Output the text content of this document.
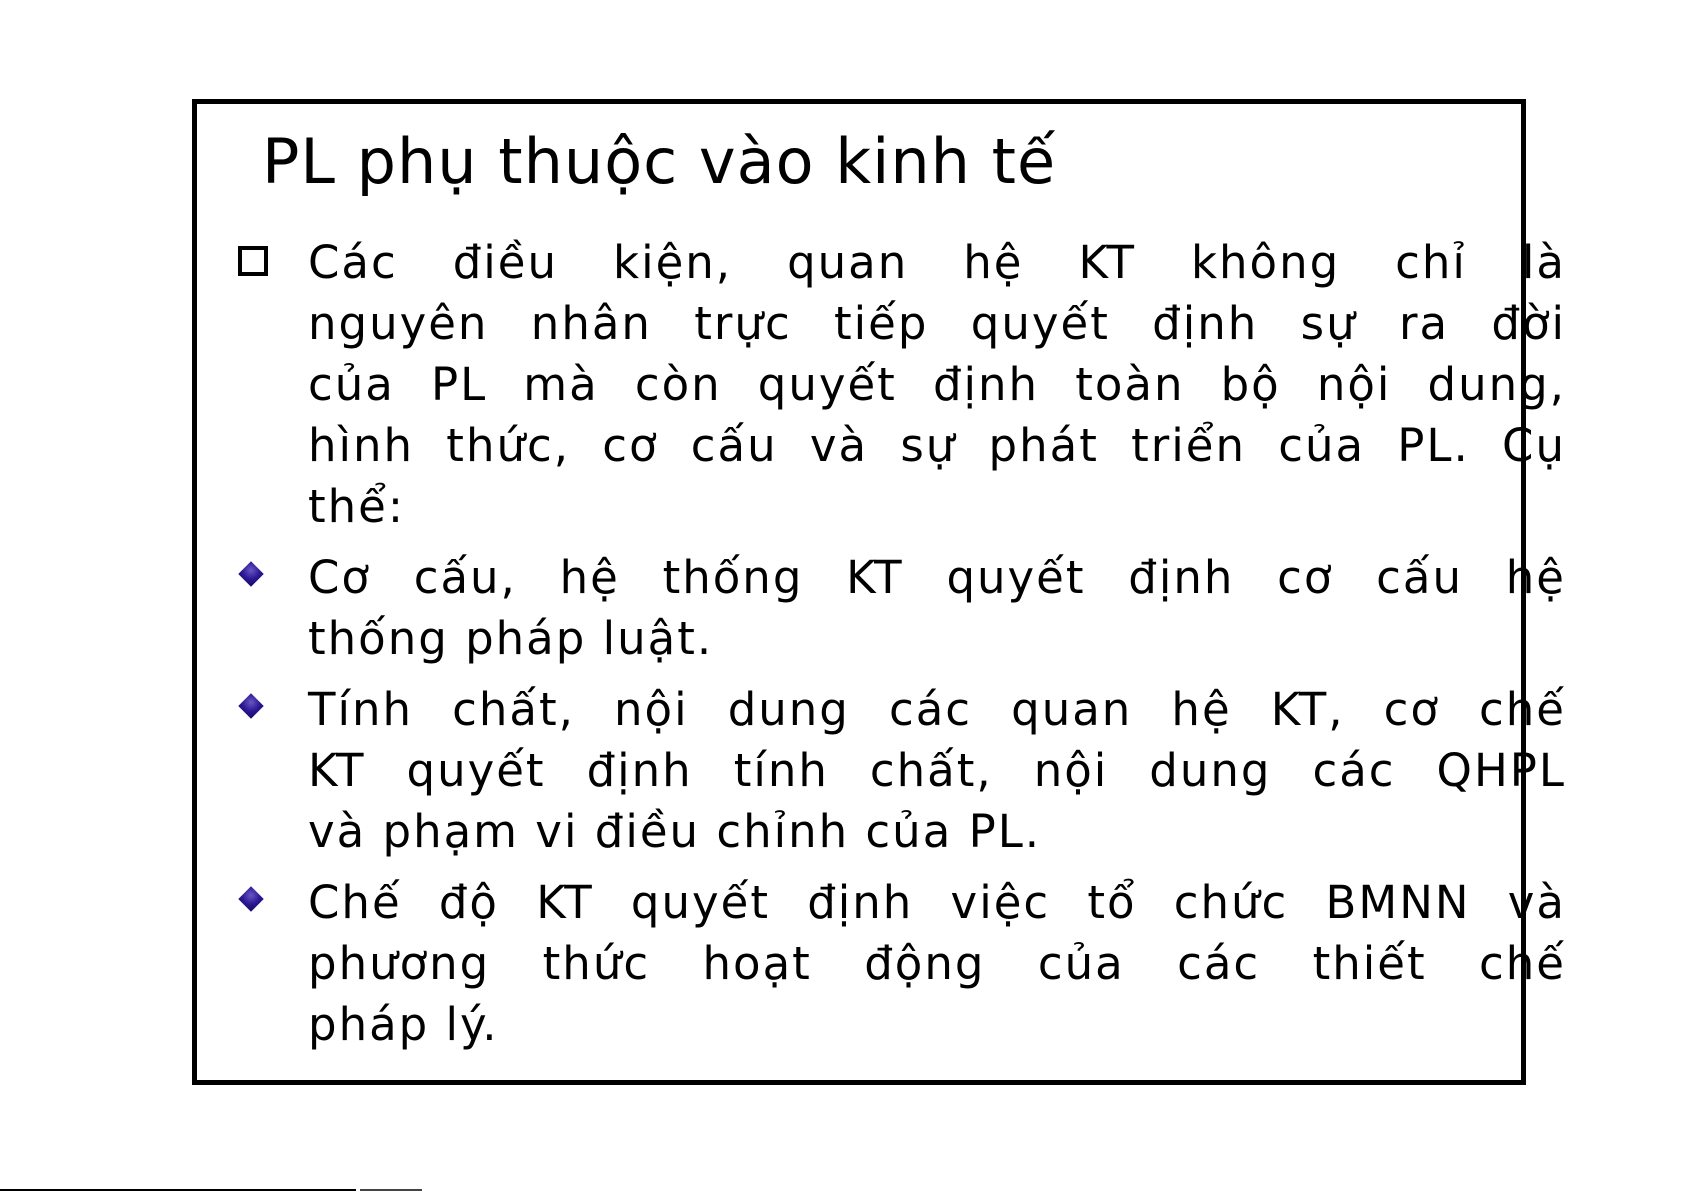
PL phụ thuộc vào kinh tế
Các điều kiện, quan hệ KT không chỉ là
nguyên nhân trực tiếp quyết định sự ra đời
của PL mà còn quyết định toàn bộ nội dung,
hình thức, cơ cấu và sự phát triển của PL. Cụ
thể:
Cơ cấu, hệ thống KT quyết định cơ cấu hệ
thống pháp luật.
Tính chất, nội dung các quan hệ KT, cơ chế
KT quyết định tính chất, nội dung các QHPL
và phạm vi điều chỉnh của PL.
Chế độ KT quyết định việc tổ chức BMNN và
phương thức hoạt động của các thiết chế
pháp lý.
